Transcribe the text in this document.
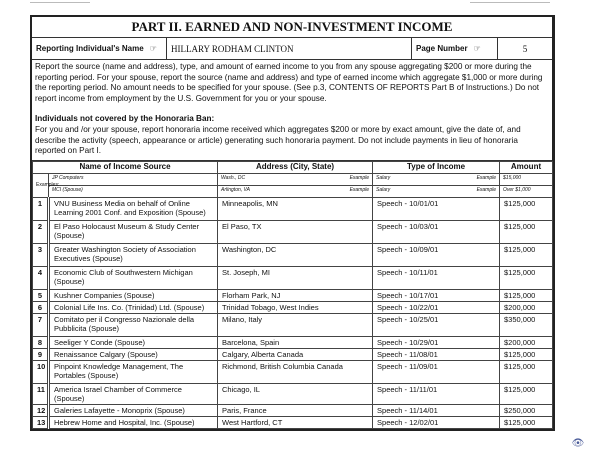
PART II. EARNED AND NON-INVESTMENT INCOME
Reporting Individual's Name ☞	HILLARY RODHAM CLINTON	Page Number ☞	5

Report the source (name and address), type, and amount of earned income to you from any spouse aggregating $200 or more during the reporting period. For your spouse, report the source (name and address) and type of earned income which aggregate $1,000 or more during the reporting period. No amount needs to be specified for your spouse. (See p.3, CONTENTS OF REPORTS Part B of Instructions.) Do not report income from employment by the U.S. Government for you or your spouse.

Individuals not covered by the Honoraria Ban:
For you and /or your spouse, report honoraria income received which aggregates $200 or more by exact amount, give the date of, and describe the activity (speech, appearance or article) generating such honoraria payment. Do not include payments in lieu of honoraria reported on Part I.

Name of Income Source		Address (City, State)	Type of Income	Amount
Examples:	JP Computers	Wash., DC Example	Salary Example	$15,000
	MCI (Spouse)	Arlington, VA Example	Salary Example	Over $1,000
1	VNU Business Media on behalf of Online Learning 2001 Conf. and Exposition (Spouse)	Minneapolis, MN	Speech - 10/01/01	$125,000
2	El Paso Holocaust Museum & Study Center (Spouse)	El Paso, TX	Speech - 10/03/01	$125,000
3	Greater Washington Society of Association Executives (Spouse)	Washington, DC	Speech - 10/09/01	$125,000
4	Economic Club of Southwestern Michigan (Spouse)	St. Joseph, MI	Speech - 10/11/01	$125,000
5	Kushner Companies (Spouse)	Florham Park, NJ	Speech - 10/17/01	$125,000
6	Colonial Life Ins. Co. (Trinidad) Ltd. (Spouse)	Trinidad Tobago, West Indies	Speech - 10/22/01	$200,000
7	Comitato per il Congresso Nazionale della Pubblicita (Spouse)	Milano, Italy	Speech - 10/25/01	$350,000
8	Seeliger Y Conde (Spouse)	Barcelona, Spain	Speech - 10/29/01	$200,000
9	Renaissance Calgary (Spouse)	Calgary, Alberta Canada	Speech - 11/08/01	$125,000
10	Pinpoint Knowledge Management, The Portables (Spouse)	Richmond, British Columbia Canada	Speech - 11/09/01	$125,000
11	America Israel Chamber of Commerce (Spouse)	Chicago, IL	Speech - 11/11/01	$125,000
12	Galeries Lafayette - Monoprix (Spouse)	Paris, France	Speech - 11/14/01	$250,000
13	Hebrew Home and Hospital, Inc. (Spouse)	West Hartford, CT	Speech - 12/02/01	$125,000
👁
